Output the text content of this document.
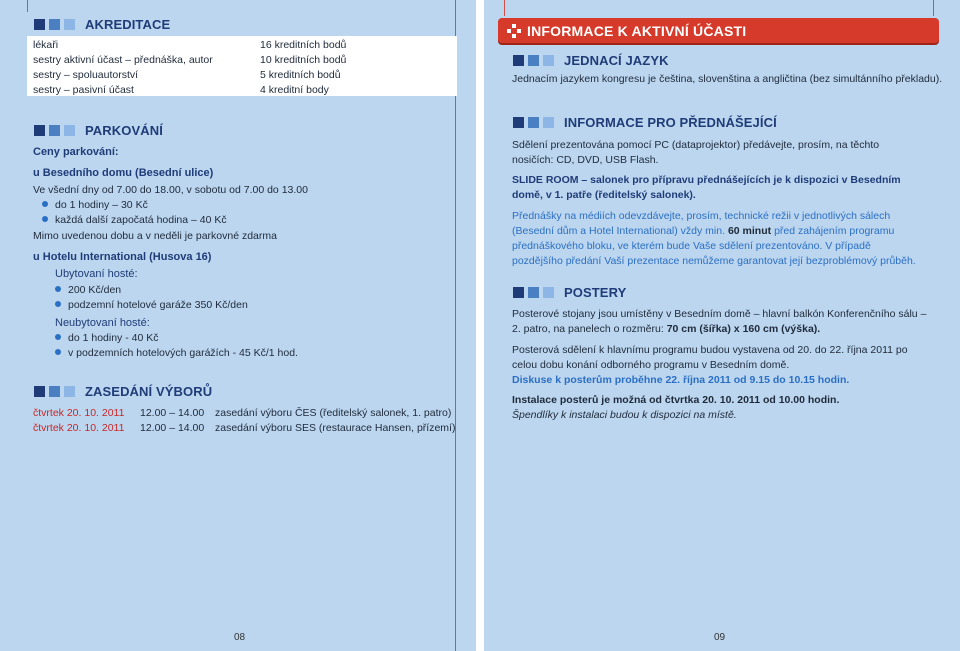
AKREDITACE
lékaři	16 kreditních bodů
sestry aktivní účast – přednáška, autor	10 kreditních bodů
sestry – spoluautorství	5 kreditních bodů
sestry – pasivní účast	4 kreditní body
PARKOVÁNÍ
Ceny parkování:
u Besedního domu (Besední ulice)
Ve všední dny od 7.00 do 18.00, v sobotu od 7.00 do 13.00
do 1 hodiny – 30 Kč
každá další započatá hodina – 40 Kč
Mimo uvedenou dobu a v neděli je parkovné zdarma
u Hotelu International (Husova 16)
Ubytovaní hosté:
200 Kč/den
podzemní hotelové garáže 350 Kč/den
Neubytovaní hosté:
do 1 hodiny - 40 Kč
v podzemních hotelových garážích - 45 Kč/1 hod.
ZASEDÁNÍ VÝBORŮ
čtvrtek 20. 10. 2011 12.00 – 14.00 zasedání výboru ČES (ředitelský salonek, 1. patro)
čtvrtek 20. 10. 2011 12.00 – 14.00 zasedání výboru SES (restaurace Hansen, přízemí)
08
INFORMACE K AKTIVNÍ ÚČASTI
JEDNACÍ JAZYK
Jednacím jazykem kongresu je čeština, slovenština a angličtina (bez simultánního překladu).
INFORMACE PRO PŘEDNÁŠEJÍCÍ
Sdělení prezentována pomocí PC (dataprojektor) předávejte, prosím, na těchto nosičích: CD, DVD, USB Flash.
SLIDE ROOM – salonek pro přípravu přednášejících je k dispozici v Besedním domě, v 1. patře (ředitelský salonek).
Přednášky na médiích odevzdávejte, prosím, technické režii v jednotlivých sálech (Besední dům a Hotel International) vždy min. 60 minut před zahájením programu přednáškového bloku, ve kterém bude Vaše sdělení prezentováno. V případě pozdějšího předání Vaší prezentace nemůžeme garantovat její bezproblémový průběh.
POSTERY
Posterové stojany jsou umístěny v Besedním domě – hlavní balkón Konferenčního sálu – 2. patro, na panelech o rozměru: 70 cm (šířka) x 160 cm (výška).
Posterová sdělení k hlavnímu programu budou vystavena od 20. do 22. října 2011 po celou dobu konání odborného programu v Besedním domě.
Diskuse k posterům proběhne 22. října 2011 od 9.15 do 10.15 hodin.
Instalace posterů je možná od čtvrtka 20. 10. 2011 od 10.00 hodin.
Špendlíky k instalaci budou k dispozici na místě.
09
